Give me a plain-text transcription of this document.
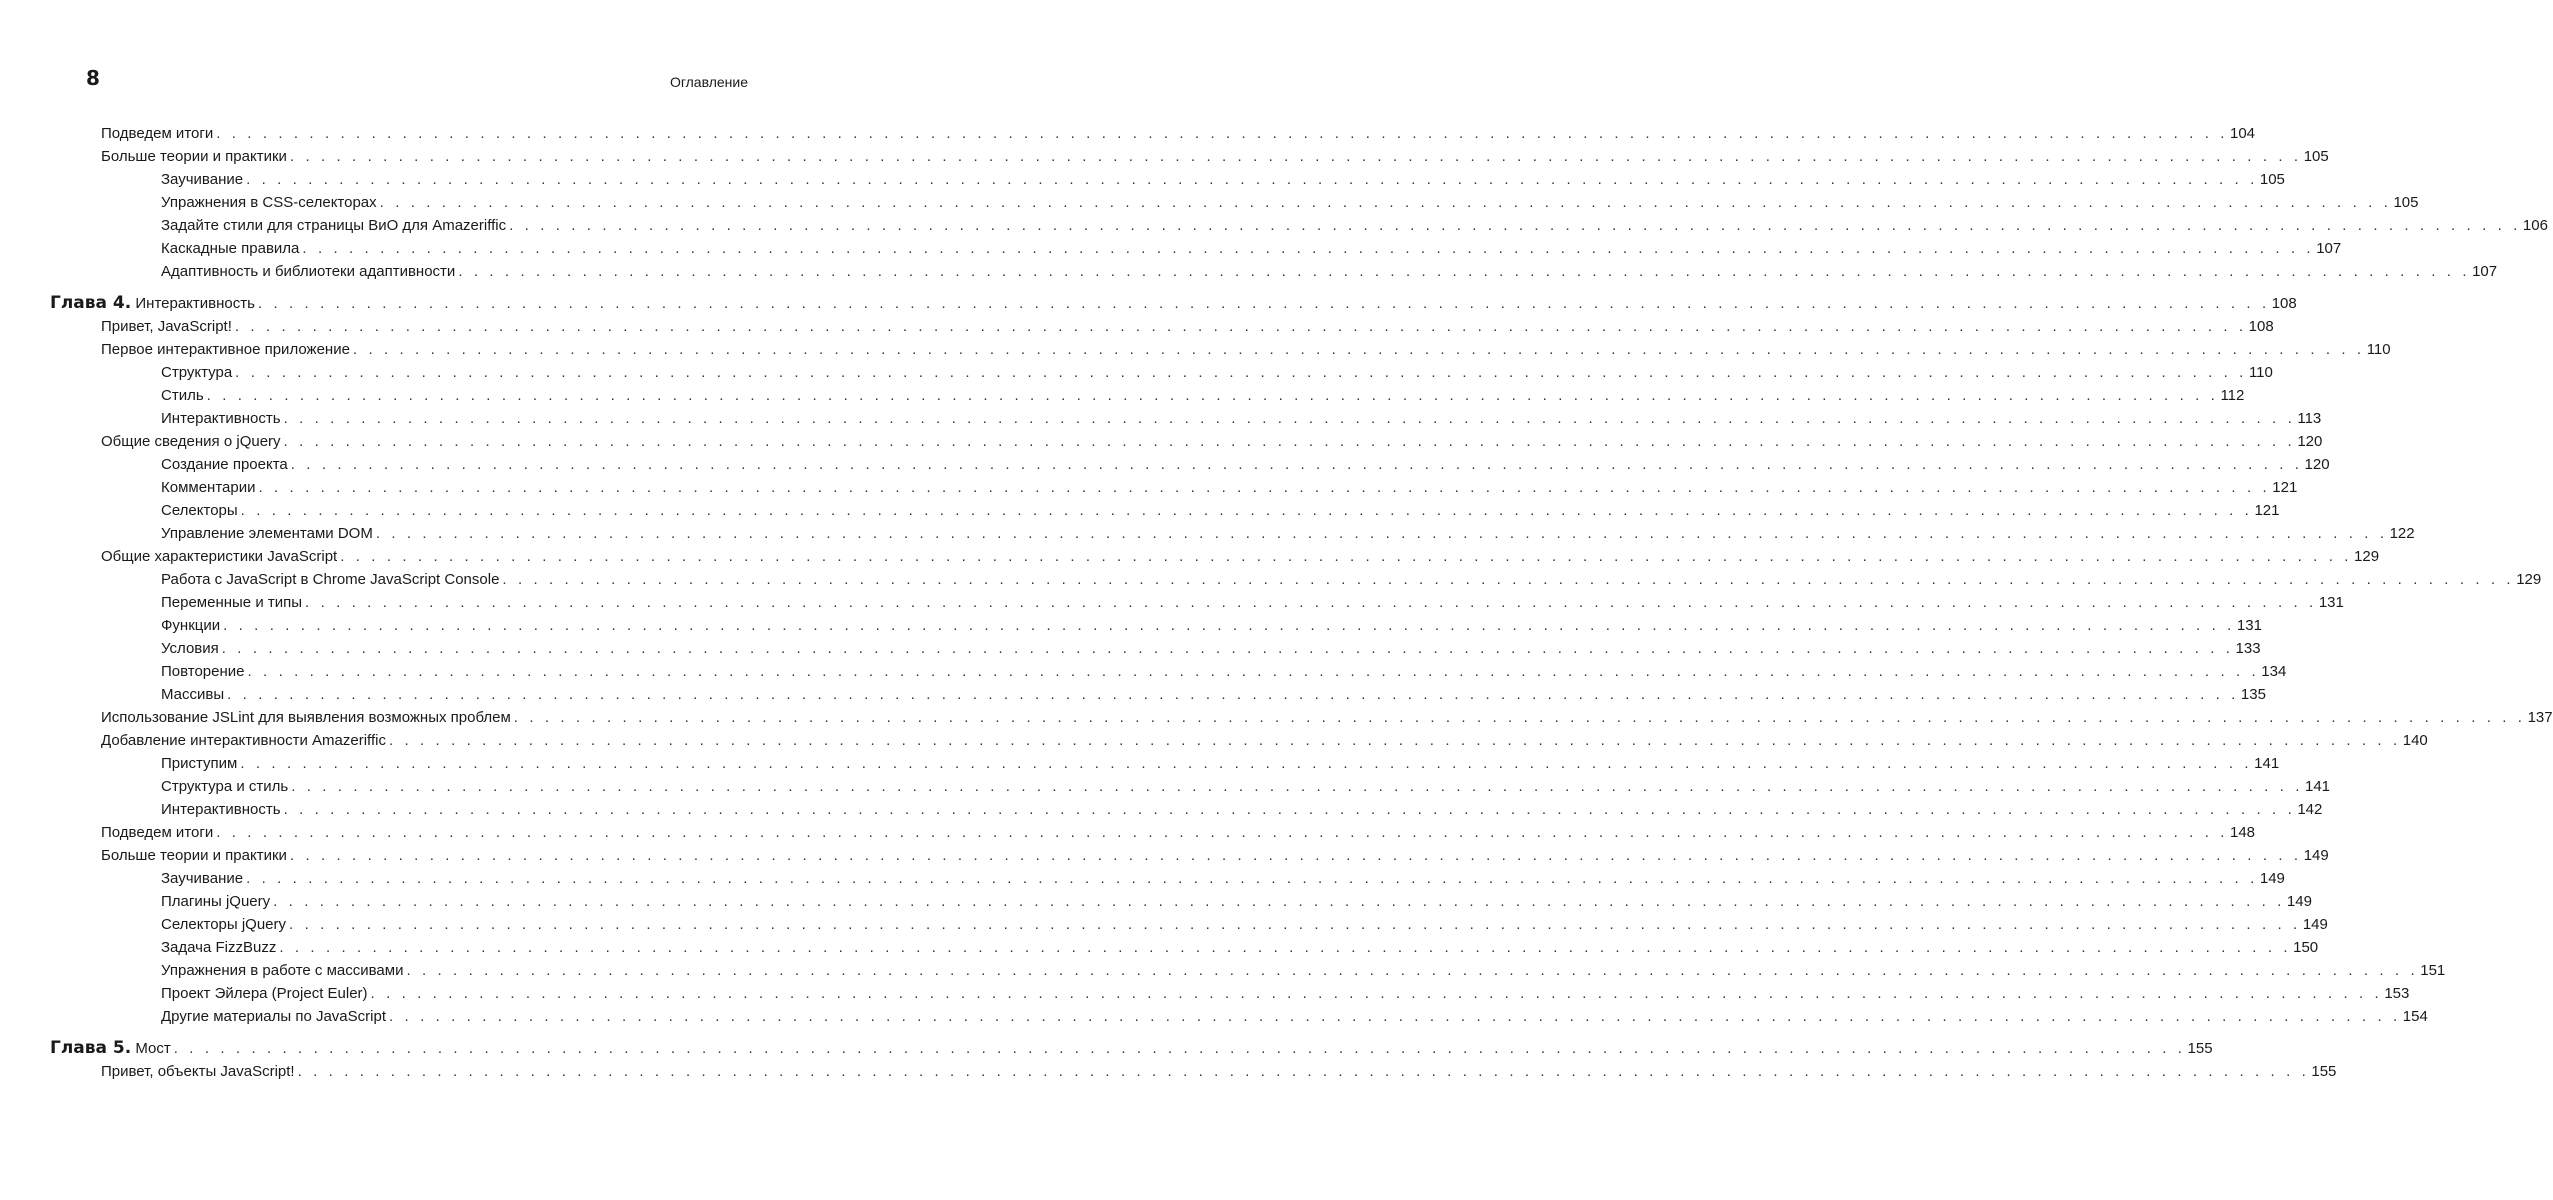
8	Оглавление
Подведем итоги . . . . . . . . . . . . . . . . . . . . . . . . . . . . . . . . . . . . . . . . . . . . . . . . . . . . . . . . . . . . . . . . . . . . . . . . . . . . . . . . . . . . . . . . . . . . . . . . . . . . . . . . . . . . . . . . . . . . . . . . . . . . . . . . . . 104
Больше теории и практики . . . . . . . . . . . . . . . . . . . . . . . . . . . . . . . . . . . . . . . . . . . . . . . . . . . . . . . . . . . . . . . . . . . . . . . . . . . . . . . . . . . . . . . . . . . . . . . . . . . . . . . . . . . . . . . . . . . . . . . . . . . . . . . . . . 105
Заучивание . . . . . . . . . . . . . . . . . . . . . . . . . . . . . . . . . . . . . . . . . . . . . . . . . . . . . . . . . . . . . . . . . . . . . . . . . . . . . . . . . . . . . . . . . . . . . . . . . . . . . . . . . . . . . . . . . . . . . . . . . . . . . . . . . . 105
Упражнения в CSS-селекторах . . . . . . . . . . . . . . . . . . . . . . . . . . . . . . . . . . . . . . . . . . . . . . . . . . . . . . . . . . . . . . . . . . . . . . . . . . . . . . . . . . . . . . . . . . . . . . . . . . . . . . . . . . . . . . . . . . . . . . . . . . . . . . . . . . 105
Задайте стили для страницы ВиО для Amazeriffic . . . . . . . . . . . . . . . . . . . . . . . . . . . . . . . . . . . . . . . . . . . . . . . . . . . . . . . . . . . . . . . . . . . . . . . . . . . . . . . . . . . . . . . . . . . . . . . . . . . . . . . . . . . . . . . . . . . . . . . . . . . . . . . . . . 106
Каскадные правила . . . . . . . . . . . . . . . . . . . . . . . . . . . . . . . . . . . . . . . . . . . . . . . . . . . . . . . . . . . . . . . . . . . . . . . . . . . . . . . . . . . . . . . . . . . . . . . . . . . . . . . . . . . . . . . . . . . . . . . . . . . . . . . . . . 107
Адаптивность и библиотеки адаптивности . . . . . . . . . . . . . . . . . . . . . . . . . . . . . . . . . . . . . . . . . . . . . . . . . . . . . . . . . . . . . . . . . . . . . . . . . . . . . . . . . . . . . . . . . . . . . . . . . . . . . . . . . . . . . . . . . . . . . . . . . . . . . . . . . . 107
Глава 4. Интерактивность . . . . . . . . . . . . . . . . . . . . . . . . . . . . . . . . . . . . . . . . . . . . . . . . . . . . . . . . . . . . . . . . . . . . . . . . . . . . . . . . . . . . . . . . . . . . . . . . . . . . . . . . . . . . . . . . . . . . . . . . . . . . . . . . . . 108
Привет, JavaScript! . . . . . . . . . . . . . . . . . . . . . . . . . . . . . . . . . . . . . . . . . . . . . . . . . . . . . . . . . . . . . . . . . . . . . . . . . . . . . . . . . . . . . . . . . . . . . . . . . . . . . . . . . . . . . . . . . . . . . . . . . . . . . . . . . . 108
Первое интерактивное приложение . . . . . . . . . . . . . . . . . . . . . . . . . . . . . . . . . . . . . . . . . . . . . . . . . . . . . . . . . . . . . . . . . . . . . . . . . . . . . . . . . . . . . . . . . . . . . . . . . . . . . . . . . . . . . . . . . . . . . . . . . . . . . . . . . . 110
Структура . . . . . . . . . . . . . . . . . . . . . . . . . . . . . . . . . . . . . . . . . . . . . . . . . . . . . . . . . . . . . . . . . . . . . . . . . . . . . . . . . . . . . . . . . . . . . . . . . . . . . . . . . . . . . . . . . . . . . . . . . . . . . . . . . . 110
Стиль . . . . . . . . . . . . . . . . . . . . . . . . . . . . . . . . . . . . . . . . . . . . . . . . . . . . . . . . . . . . . . . . . . . . . . . . . . . . . . . . . . . . . . . . . . . . . . . . . . . . . . . . . . . . . . . . . . . . . . . . . . . . . . . . . . 112
Интерактивность . . . . . . . . . . . . . . . . . . . . . . . . . . . . . . . . . . . . . . . . . . . . . . . . . . . . . . . . . . . . . . . . . . . . . . . . . . . . . . . . . . . . . . . . . . . . . . . . . . . . . . . . . . . . . . . . . . . . . . . . . . . . . . . . . . 113
Общие сведения о jQuery . . . . . . . . . . . . . . . . . . . . . . . . . . . . . . . . . . . . . . . . . . . . . . . . . . . . . . . . . . . . . . . . . . . . . . . . . . . . . . . . . . . . . . . . . . . . . . . . . . . . . . . . . . . . . . . . . . . . . . . . . . . . . . . . . . 120
Создание проекта . . . . . . . . . . . . . . . . . . . . . . . . . . . . . . . . . . . . . . . . . . . . . . . . . . . . . . . . . . . . . . . . . . . . . . . . . . . . . . . . . . . . . . . . . . . . . . . . . . . . . . . . . . . . . . . . . . . . . . . . . . . . . . . . . . 120
Комментарии . . . . . . . . . . . . . . . . . . . . . . . . . . . . . . . . . . . . . . . . . . . . . . . . . . . . . . . . . . . . . . . . . . . . . . . . . . . . . . . . . . . . . . . . . . . . . . . . . . . . . . . . . . . . . . . . . . . . . . . . . . . . . . . . . . 121
Селекторы . . . . . . . . . . . . . . . . . . . . . . . . . . . . . . . . . . . . . . . . . . . . . . . . . . . . . . . . . . . . . . . . . . . . . . . . . . . . . . . . . . . . . . . . . . . . . . . . . . . . . . . . . . . . . . . . . . . . . . . . . . . . . . . . . . 121
Управление элементами DOM . . . . . . . . . . . . . . . . . . . . . . . . . . . . . . . . . . . . . . . . . . . . . . . . . . . . . . . . . . . . . . . . . . . . . . . . . . . . . . . . . . . . . . . . . . . . . . . . . . . . . . . . . . . . . . . . . . . . . . . . . . . . . . . . . . 122
Общие характеристики JavaScript . . . . . . . . . . . . . . . . . . . . . . . . . . . . . . . . . . . . . . . . . . . . . . . . . . . . . . . . . . . . . . . . . . . . . . . . . . . . . . . . . . . . . . . . . . . . . . . . . . . . . . . . . . . . . . . . . . . . . . . . . . . . . . . . . . 129
Работа с JavaScript в Chrome JavaScript Console . . . . . . . . . . . . . . . . . . . . . . . . . . . . . . . . . . . . . . . . . . . . . . . . . . . . . . . . . . . . . . . . . . . . . . . . . . . . . . . . . . . . . . . . . . . . . . . . . . . . . . . . . . . . . . . . . . . . . . . . . . . . . . . . . . 129
Переменные и типы . . . . . . . . . . . . . . . . . . . . . . . . . . . . . . . . . . . . . . . . . . . . . . . . . . . . . . . . . . . . . . . . . . . . . . . . . . . . . . . . . . . . . . . . . . . . . . . . . . . . . . . . . . . . . . . . . . . . . . . . . . . . . . . . . . 131
Функции . . . . . . . . . . . . . . . . . . . . . . . . . . . . . . . . . . . . . . . . . . . . . . . . . . . . . . . . . . . . . . . . . . . . . . . . . . . . . . . . . . . . . . . . . . . . . . . . . . . . . . . . . . . . . . . . . . . . . . . . . . . . . . . . . . 131
Условия . . . . . . . . . . . . . . . . . . . . . . . . . . . . . . . . . . . . . . . . . . . . . . . . . . . . . . . . . . . . . . . . . . . . . . . . . . . . . . . . . . . . . . . . . . . . . . . . . . . . . . . . . . . . . . . . . . . . . . . . . . . . . . . . . . 133
Повторение . . . . . . . . . . . . . . . . . . . . . . . . . . . . . . . . . . . . . . . . . . . . . . . . . . . . . . . . . . . . . . . . . . . . . . . . . . . . . . . . . . . . . . . . . . . . . . . . . . . . . . . . . . . . . . . . . . . . . . . . . . . . . . . . . . 134
Массивы . . . . . . . . . . . . . . . . . . . . . . . . . . . . . . . . . . . . . . . . . . . . . . . . . . . . . . . . . . . . . . . . . . . . . . . . . . . . . . . . . . . . . . . . . . . . . . . . . . . . . . . . . . . . . . . . . . . . . . . . . . . . . . . . . . 135
Использование JSLint для выявления возможных проблем . . . . . . . . . . . . . . . . . . . . . . . . . . . . . . . . . . . . . . . . . . . . . . . . . . . . . . . . . . . . . . . . . . . . . . . . . . . . . . . . . . . . . . . . . . . . . . . . . . . . . . . . . . . . . . . . . . . . . . . . . . . . . . . . . . 137
Добавление интерактивности Amazeriffic . . . . . . . . . . . . . . . . . . . . . . . . . . . . . . . . . . . . . . . . . . . . . . . . . . . . . . . . . . . . . . . . . . . . . . . . . . . . . . . . . . . . . . . . . . . . . . . . . . . . . . . . . . . . . . . . . . . . . . . . . . . . . . . . . . 140
Приступим . . . . . . . . . . . . . . . . . . . . . . . . . . . . . . . . . . . . . . . . . . . . . . . . . . . . . . . . . . . . . . . . . . . . . . . . . . . . . . . . . . . . . . . . . . . . . . . . . . . . . . . . . . . . . . . . . . . . . . . . . . . . . . . . . . 141
Структура и стиль . . . . . . . . . . . . . . . . . . . . . . . . . . . . . . . . . . . . . . . . . . . . . . . . . . . . . . . . . . . . . . . . . . . . . . . . . . . . . . . . . . . . . . . . . . . . . . . . . . . . . . . . . . . . . . . . . . . . . . . . . . . . . . . . . . 141
Интерактивность . . . . . . . . . . . . . . . . . . . . . . . . . . . . . . . . . . . . . . . . . . . . . . . . . . . . . . . . . . . . . . . . . . . . . . . . . . . . . . . . . . . . . . . . . . . . . . . . . . . . . . . . . . . . . . . . . . . . . . . . . . . . . . . . . . 142
Подведем итоги . . . . . . . . . . . . . . . . . . . . . . . . . . . . . . . . . . . . . . . . . . . . . . . . . . . . . . . . . . . . . . . . . . . . . . . . . . . . . . . . . . . . . . . . . . . . . . . . . . . . . . . . . . . . . . . . . . . . . . . . . . . . . . . . . . 148
Больше теории и практики . . . . . . . . . . . . . . . . . . . . . . . . . . . . . . . . . . . . . . . . . . . . . . . . . . . . . . . . . . . . . . . . . . . . . . . . . . . . . . . . . . . . . . . . . . . . . . . . . . . . . . . . . . . . . . . . . . . . . . . . . . . . . . . . . . 149
Заучивание . . . . . . . . . . . . . . . . . . . . . . . . . . . . . . . . . . . . . . . . . . . . . . . . . . . . . . . . . . . . . . . . . . . . . . . . . . . . . . . . . . . . . . . . . . . . . . . . . . . . . . . . . . . . . . . . . . . . . . . . . . . . . . . . . . 149
Плагины jQuery . . . . . . . . . . . . . . . . . . . . . . . . . . . . . . . . . . . . . . . . . . . . . . . . . . . . . . . . . . . . . . . . . . . . . . . . . . . . . . . . . . . . . . . . . . . . . . . . . . . . . . . . . . . . . . . . . . . . . . . . . . . . . . . . . . 149
Селекторы jQuery . . . . . . . . . . . . . . . . . . . . . . . . . . . . . . . . . . . . . . . . . . . . . . . . . . . . . . . . . . . . . . . . . . . . . . . . . . . . . . . . . . . . . . . . . . . . . . . . . . . . . . . . . . . . . . . . . . . . . . . . . . . . . . . . . . 149
Задача FizzBuzz . . . . . . . . . . . . . . . . . . . . . . . . . . . . . . . . . . . . . . . . . . . . . . . . . . . . . . . . . . . . . . . . . . . . . . . . . . . . . . . . . . . . . . . . . . . . . . . . . . . . . . . . . . . . . . . . . . . . . . . . . . . . . . . . . . 150
Упражнения в работе с массивами . . . . . . . . . . . . . . . . . . . . . . . . . . . . . . . . . . . . . . . . . . . . . . . . . . . . . . . . . . . . . . . . . . . . . . . . . . . . . . . . . . . . . . . . . . . . . . . . . . . . . . . . . . . . . . . . . . . . . . . . . . . . . . . . . . 151
Проект Эйлера (Project Euler) . . . . . . . . . . . . . . . . . . . . . . . . . . . . . . . . . . . . . . . . . . . . . . . . . . . . . . . . . . . . . . . . . . . . . . . . . . . . . . . . . . . . . . . . . . . . . . . . . . . . . . . . . . . . . . . . . . . . . . . . . . . . . . . . . . 153
Другие материалы по JavaScript . . . . . . . . . . . . . . . . . . . . . . . . . . . . . . . . . . . . . . . . . . . . . . . . . . . . . . . . . . . . . . . . . . . . . . . . . . . . . . . . . . . . . . . . . . . . . . . . . . . . . . . . . . . . . . . . . . . . . . . . . . . . . . . . . . 154
Глава 5. Мост . . . . . . . . . . . . . . . . . . . . . . . . . . . . . . . . . . . . . . . . . . . . . . . . . . . . . . . . . . . . . . . . . . . . . . . . . . . . . . . . . . . . . . . . . . . . . . . . . . . . . . . . . . . . . . . . . . . . . . . . . . . . . . . . . . 155
Привет, объекты JavaScript! . . . . . . . . . . . . . . . . . . . . . . . . . . . . . . . . . . . . . . . . . . . . . . . . . . . . . . . . . . . . . . . . . . . . . . . . . . . . . . . . . . . . . . . . . . . . . . . . . . . . . . . . . . . . . . . . . . . . . . . . . . . . . . . . . . 155
